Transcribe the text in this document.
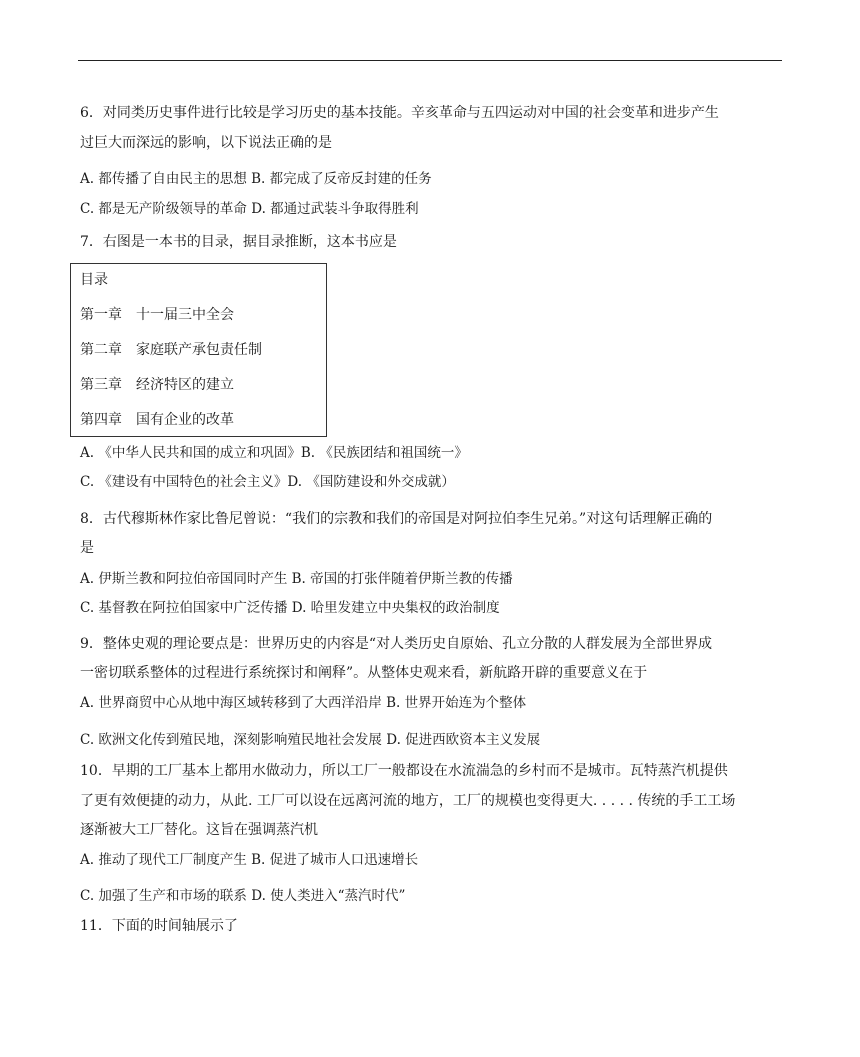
6．对同类历史事件进行比较是学习历史的基本技能。辛亥革命与五四运动对中国的社会变革和进步产生
过巨大而深远的影响，以下说法正确的是
A. 都传播了自由民主的思想 B. 都完成了反帝反封建的任务
C. 都是无产阶级领导的革命 D. 都通过武装斗争取得胜利
7．右图是一本书的目录，据目录推断，这本书应是
目录
第一章　十一届三中全会
第二章　家庭联产承包责任制
第三章　经济特区的建立
第四章　国有企业的改革
A. 《中华人民共和国的成立和巩固》B. 《民族团结和祖国统一》
C. 《建设有中国特色的社会主义》D. 《国防建设和外交成就）
8．古代穆斯林作家比鲁尼曾说：“我们的宗教和我们的帝国是对阿拉伯李生兄弟。”对这句话理解正确的
是
A. 伊斯兰教和阿拉伯帝国同时产生 B. 帝国的打张伴随着伊斯兰教的传播
C. 基督教在阿拉伯国家中广泛传播 D. 哈里发建立中央集权的政治制度
9．整体史观的理论要点是：世界历史的内容是“对人类历史自原始、孔立分散的人群发展为全部世界成
一密切联系整体的过程进行系统探讨和阐释”。从整体史观来看，新航路开辟的重要意义在于
A. 世界商贸中心从地中海区域转移到了大西洋沿岸 B. 世界开始连为个整体
C. 欧洲文化传到殖民地，深刻影响殖民地社会发展 D. 促进西欧资本主义发展
10．早期的工厂基本上都用水做动力，所以工厂一般都设在水流湍急的乡村而不是城市。瓦特蒸汽机提供
了更有效便捷的动力，从此. 工厂可以设在远离河流的地方，工厂的规模也变得更大. . . . . 传统的手工工场
逐渐被大工厂替化。这旨在强调蒸汽机
A. 推动了现代工厂制度产生 B. 促进了城市人口迅速增长
C. 加强了生产和市场的联系 D. 使人类进入“蒸汽时代”
11．下面的时间轴展示了
